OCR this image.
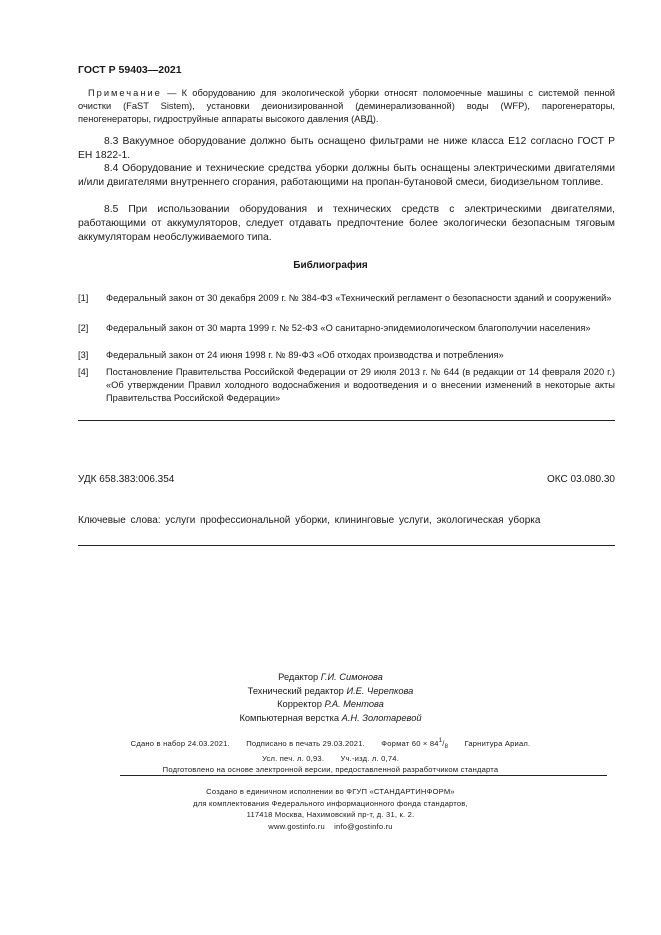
ГОСТ Р 59403—2021
Примечание — К оборудованию для экологической уборки относят поломоечные машины с системой пенной очистки (FaST Sistem), установки деионизированной (деминерализованной) воды (WFP), парогенераторы, пеногенераторы, гидроструйные аппараты высокого давления (АВД).
8.3 Вакуумное оборудование должно быть оснащено фильтрами не ниже класса Е12 согласно ГОСТ Р ЕН 1822-1.
8.4 Оборудование и технические средства уборки должны быть оснащены электрическими двигателями и/или двигателями внутреннего сгорания, работающими на пропан-бутановой смеси, биодизельном топливе.
8.5 При использовании оборудования и технических средств с электрическими двигателями, работающими от аккумуляторов, следует отдавать предпочтение более экологически безопасным тяговым аккумуляторам необслуживаемого типа.
Библиография
[1] Федеральный закон от 30 декабря 2009 г. № 384-ФЗ «Технический регламент о безопасности зданий и сооружений»
[2] Федеральный закон от 30 марта 1999 г. № 52-ФЗ «О санитарно-эпидемиологическом благополучии населения»
[3] Федеральный закон от 24 июня 1998 г. № 89-ФЗ «Об отходах производства и потребления»
[4] Постановление Правительства Российской Федерации от 29 июля 2013 г. № 644 (в редакции от 14 февраля 2020 г.) «Об утверждении Правил холодного водоснабжения и водоотведения и о внесении изменений в некоторые акты Правительства Российской Федерации»
УДК 658.383:006.354	ОКС 03.080.30
Ключевые слова: услуги профессиональной уборки, клининговые услуги, экологическая уборка
Редактор Г.И. Симонова
Технический редактор И.Е. Черепкова
Корректор Р.А. Ментова
Компьютерная верстка А.Н. Золотаревой
Сдано в набор 24.03.2021. Подписано в печать 29.03.2021. Формат $60 \times 84^1/_8$ Гарнитура Ариал.
Усл. печ. л. 0,93. Уч.-изд. л. 0,74.
Подготовлено на основе электронной версии, предоставленной разработчиком стандарта
Создано в единичном исполнении во ФГУП «СТАНДАРТИНФОРМ»
для комплектования Федерального информационного фонда стандартов,
117418 Москва, Нахимовский пр-т, д. 31, к. 2.
www.gostinfo.ru    info@gostinfo.ru
